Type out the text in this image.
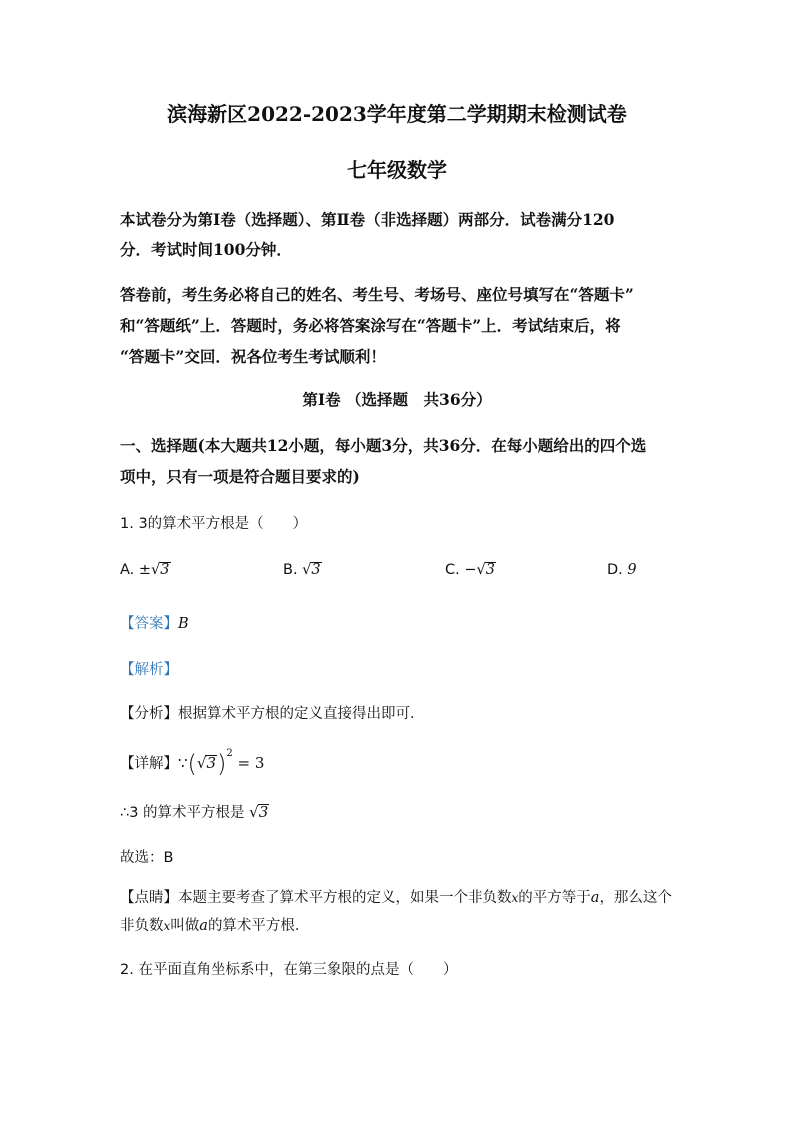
滨海新区2022-2023学年度第二学期期末检测试卷
七年级数学
本试卷分为第Ⅰ卷（选择题）、第Ⅱ卷（非选择题）两部分．试卷满分120
分．考试时间100分钟．
答卷前，考生务必将自己的姓名、考生号、考场号、座位号填写在“答题卡”
和“答题纸”上．答题时，务必将答案涂写在“答题卡”上．考试结束后，将
“答题卡”交回．祝各位考生考试顺利！
第Ⅰ卷 （选择题　共36分）
一、选择题(本大题共12小题，每小题3分，共36分．在每小题给出的四个选
项中，只有一项是符合题目要求的)
1. 3的算术平方根是（　　）
A. ±√3	B. √3	C. −√3	D. 9
【答案】B
【解析】
【分析】根据算术平方根的定义直接得出即可．
【详解】$\because(√3)^2 = 3$
∴3 的算术平方根是 √3
故选：B
【点睛】本题主要考查了算术平方根的定义，如果一个非负数x的平方等于a，那么这个
非负数x叫做a的算术平方根．
2. 在平面直角坐标系中，在第三象限的点是（　　）
